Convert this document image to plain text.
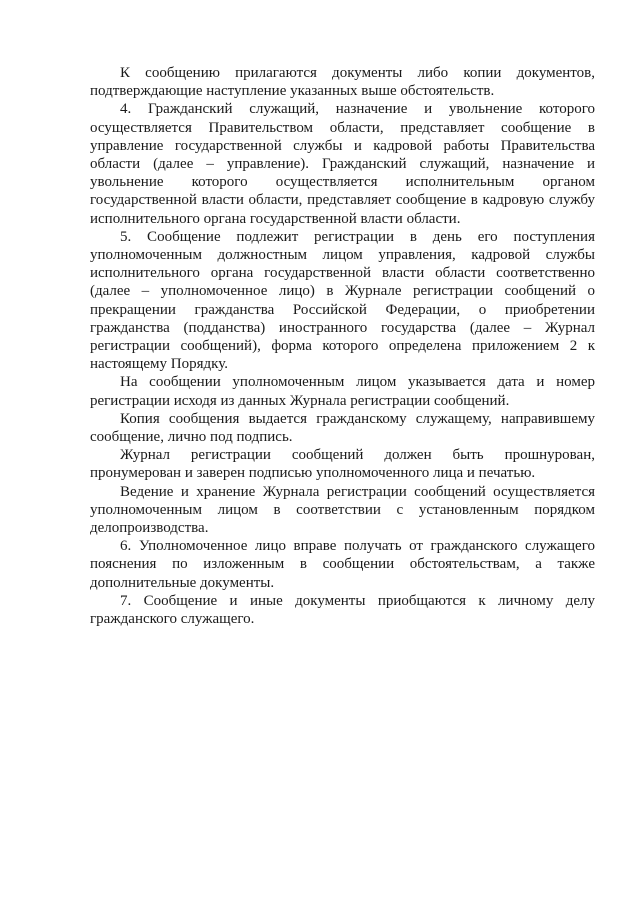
К сообщению прилагаются документы либо копии документов, подтверждающие наступление указанных выше обстоятельств.

4. Гражданский служащий, назначение и увольнение которого осуществляется Правительством области, представляет сообщение в управление государственной службы и кадровой работы Правительства области (далее – управление). Гражданский служащий, назначение и увольнение которого осуществляется исполнительным органом государственной власти области, представляет сообщение в кадровую службу исполнительного органа государственной власти области.

5. Сообщение подлежит регистрации в день его поступления уполномоченным должностным лицом управления, кадровой службы исполнительного органа государственной власти области соответственно (далее – уполномоченное лицо) в Журнале регистрации сообщений о прекращении гражданства Российской Федерации, о приобретении гражданства (подданства) иностранного государства (далее – Журнал регистрации сообщений), форма которого определена приложением 2 к настоящему Порядку.

На сообщении уполномоченным лицом указывается дата и номер регистрации исходя из данных Журнала регистрации сообщений.

Копия сообщения выдается гражданскому служащему, направившему сообщение, лично под подпись.

Журнал регистрации сообщений должен быть прошнурован, пронумерован и заверен подписью уполномоченного лица и печатью.

Ведение и хранение Журнала регистрации сообщений осуществляется уполномоченным лицом в соответствии с установленным порядком делопроизводства.

6. Уполномоченное лицо вправе получать от гражданского служащего пояснения по изложенным в сообщении обстоятельствам, а также дополнительные документы.

7. Сообщение и иные документы приобщаются к личному делу гражданского служащего.
